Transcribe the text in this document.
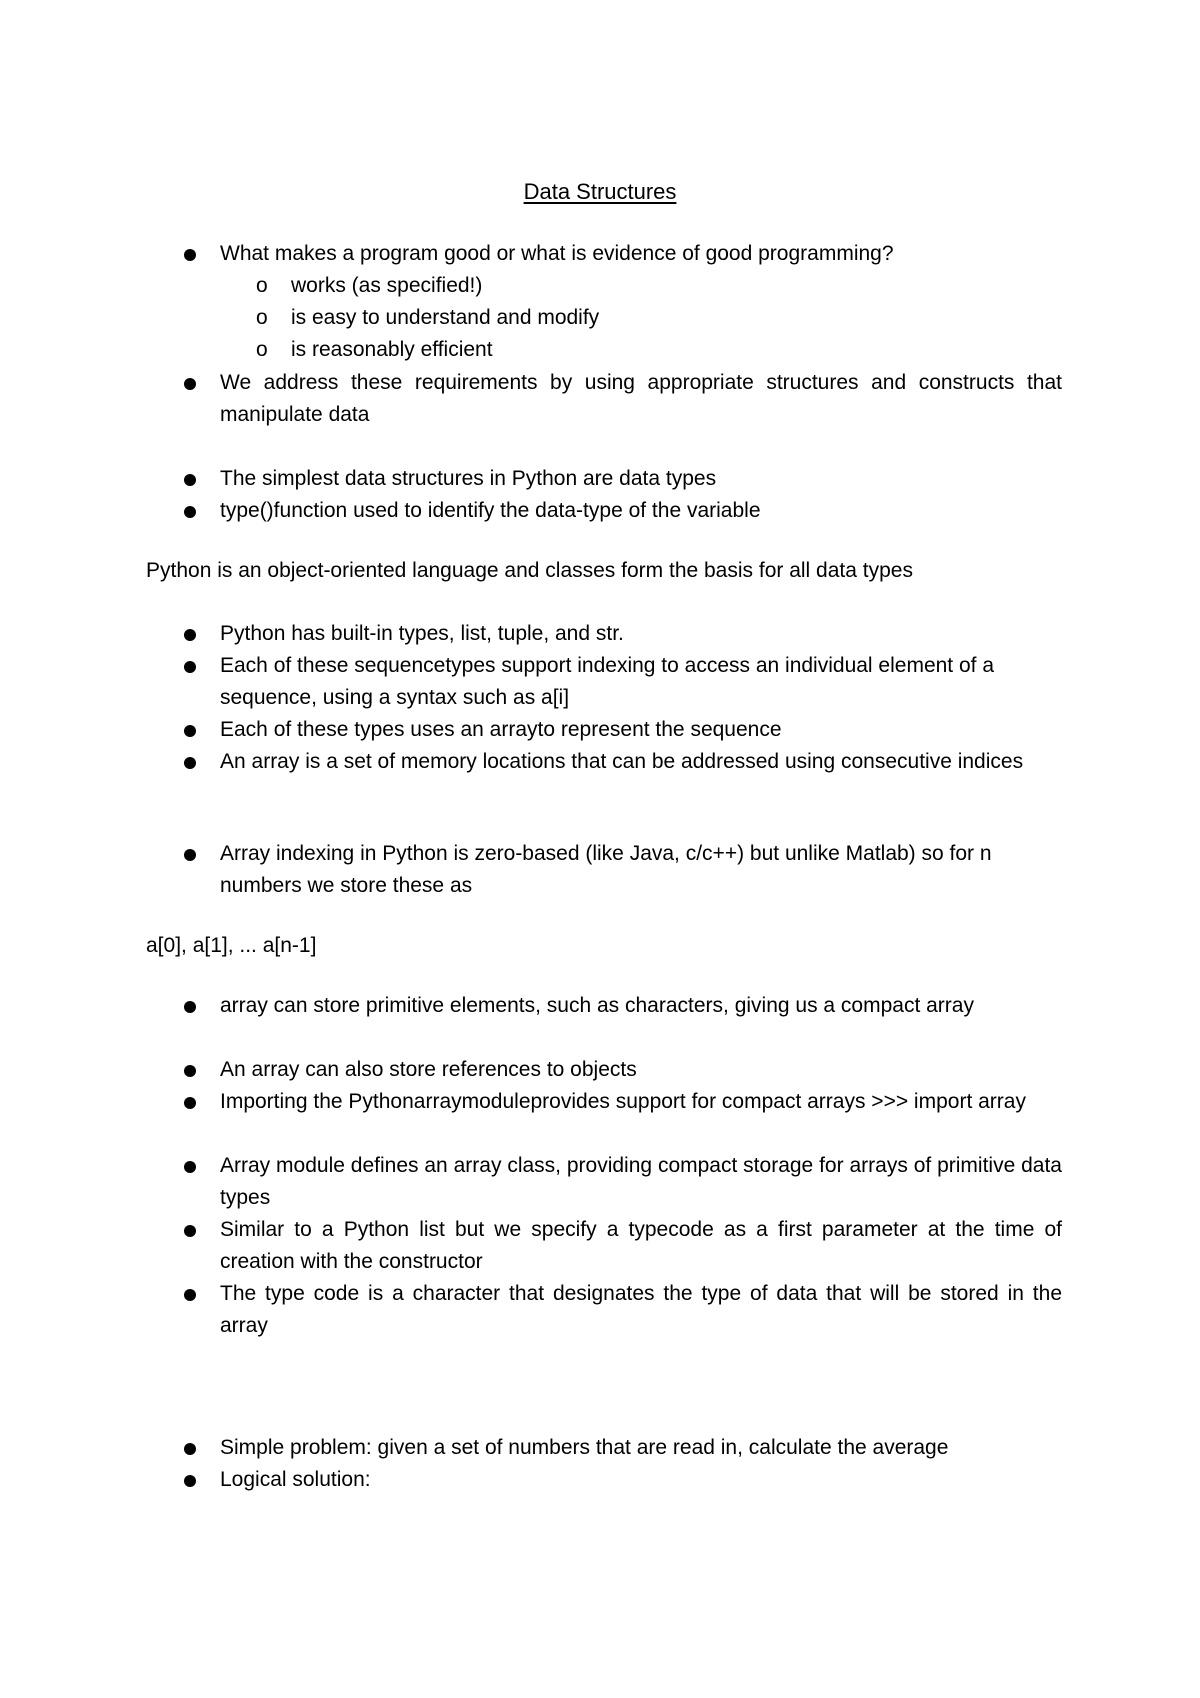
Data Structures
What makes a program good or what is evidence of good programming?
o
works (as specified!)
o
is easy to understand and modify
o
is reasonably efficient
We address these requirements by using appropriate structures and constructs that manipulate data
The simplest data structures in Python are data types
type()function used to identify the data-type of the variable
Python is an object-oriented language and classes form the basis for all data types
Python has built-in types, list, tuple, and str.
Each of these sequencetypes support indexing to access an individual element of a sequence, using a syntax such as a[i]
Each of these types uses an arrayto represent the sequence
An array is a set of memory locations that can be addressed using consecutive indices
Array indexing in Python is zero-based (like Java, c/c++) but unlike Matlab) so for n numbers we store these as
a[0], a[1], ... a[n-1]
array can store primitive elements, such as characters, giving us a compact array
An array can also store references to objects
Importing the Pythonarraymoduleprovides support for compact arrays >>> import array
Array module defines an array class, providing compact storage for arrays of primitive data types
Similar to a Python list but we specify a typecode as a first parameter at the time of creation with the constructor
The type code is a character that designates the type of data that will be stored in the array
Simple problem: given a set of numbers that are read in, calculate the average
Logical solution:
